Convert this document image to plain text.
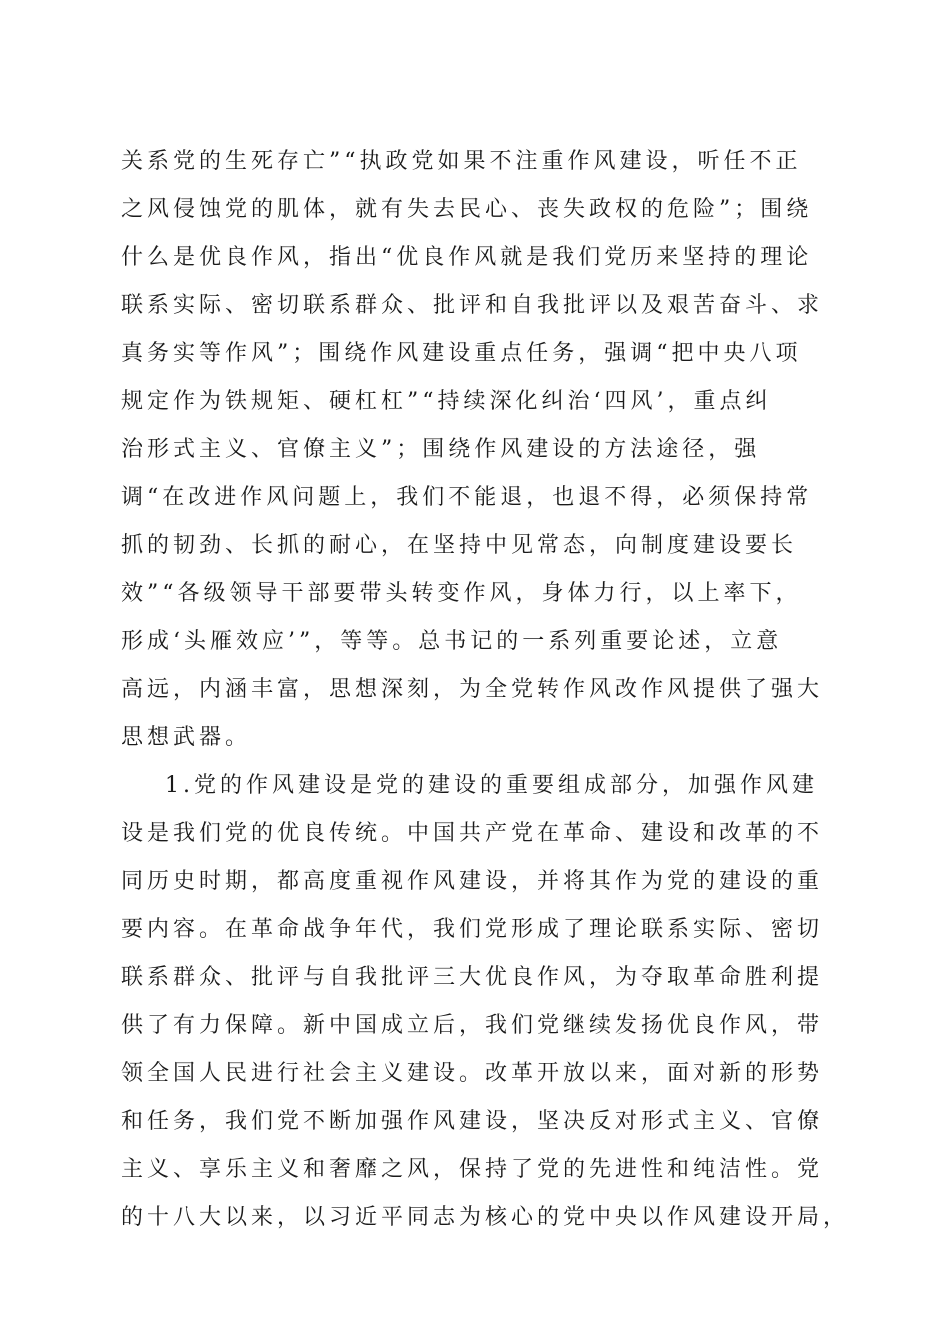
关系党的生死存亡”“执政党如果不注重作风建设，听任不正
之风侵蚀党的肌体，就有失去民心、丧失政权的危险”；围绕
什么是优良作风，指出“优良作风就是我们党历来坚持的理论
联系实际、密切联系群众、批评和自我批评以及艰苦奋斗、求
真务实等作风”；围绕作风建设重点任务，强调“把中央八项
规定作为铁规矩、硬杠杠”“持续深化纠治‘四风’，重点纠
治形式主义、官僚主义”；围绕作风建设的方法途径，强
调“在改进作风问题上，我们不能退，也退不得，必须保持常
抓的韧劲、长抓的耐心，在坚持中见常态，向制度建设要长
效”“各级领导干部要带头转变作风，身体力行，以上率下，
形成‘头雁效应’”，等等。总书记的一系列重要论述，立意
高远，内涵丰富，思想深刻，为全党转作风改作风提供了强大
思想武器。
1.党的作风建设是党的建设的重要组成部分，加强作风建
设是我们党的优良传统。中国共产党在革命、建设和改革的不
同历史时期，都高度重视作风建设，并将其作为党的建设的重
要内容。在革命战争年代，我们党形成了理论联系实际、密切
联系群众、批评与自我批评三大优良作风，为夺取革命胜利提
供了有力保障。新中国成立后，我们党继续发扬优良作风，带
领全国人民进行社会主义建设。改革开放以来，面对新的形势
和任务，我们党不断加强作风建设，坚决反对形式主义、官僚
主义、享乐主义和奢靡之风，保持了党的先进性和纯洁性。党
的十八大以来，以习近平同志为核心的党中央以作风建设开局，
